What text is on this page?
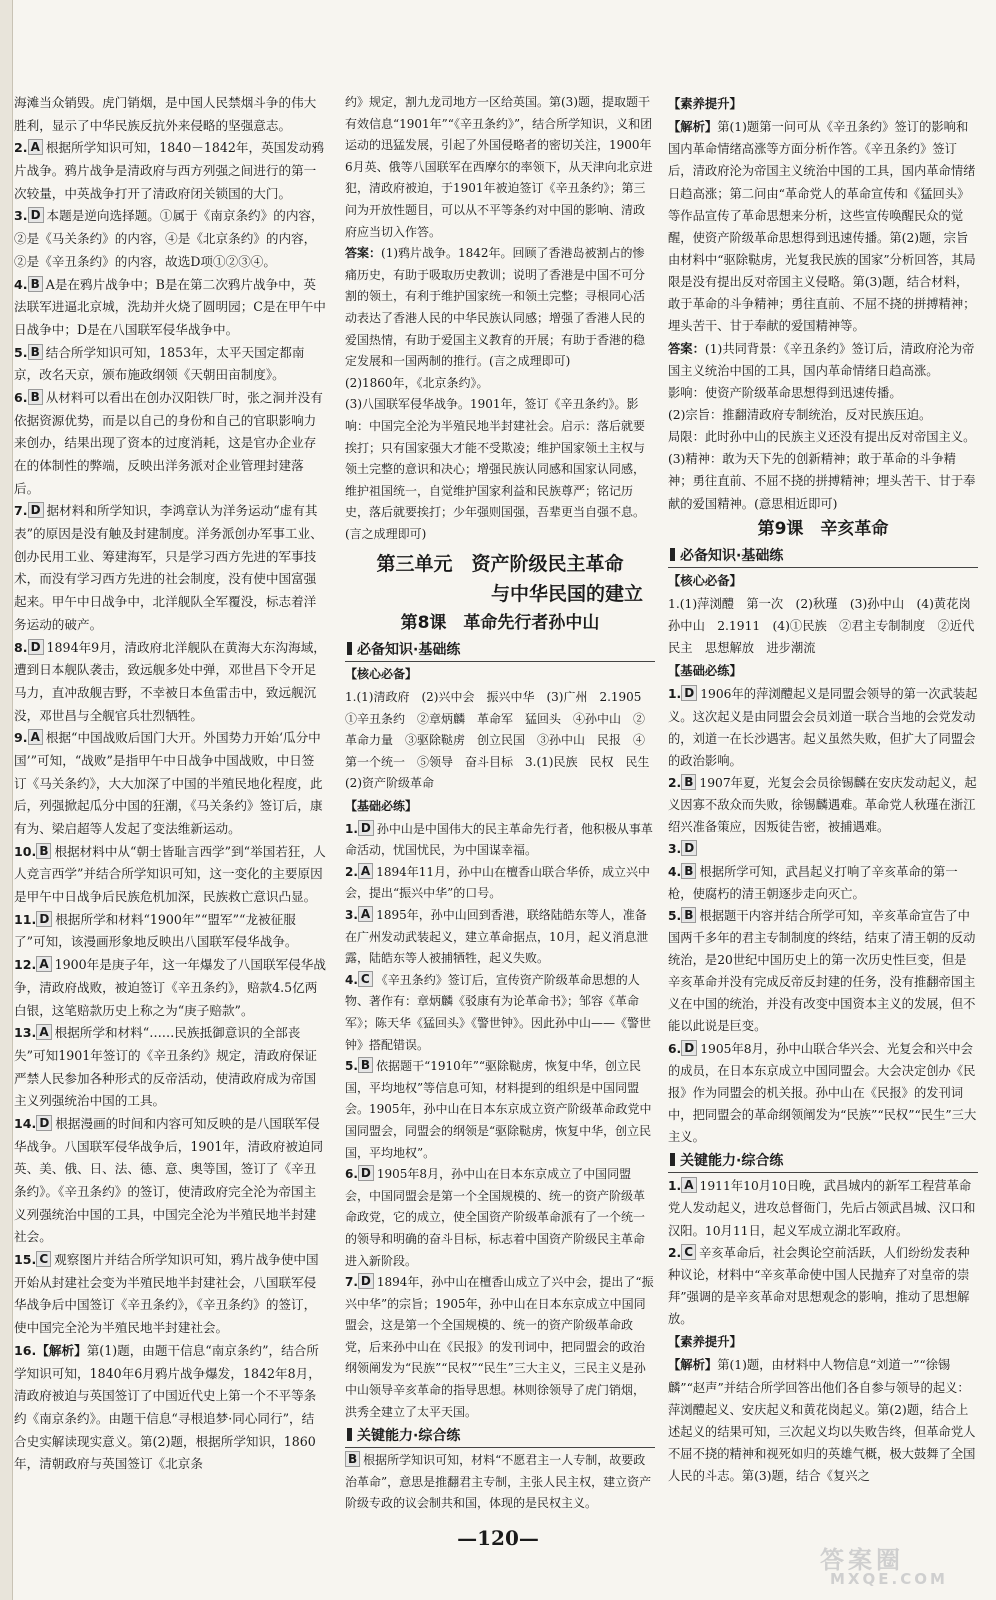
海滩当众销毁。虎门销烟，是中国人民禁烟斗争的伟大胜利，显示了中华民族反抗外来侵略的坚强意志。
2. A 根据所学知识可知，1840－1842年，英国发动鸦片战争。鸦片战争是清政府与西方列强之间进行的第一次较量，中英战争打开了清政府闭关锁国的大门。
3. D 本题是逆向选择题。①属于《南京条约》的内容，②是《马关条约》的内容，④是《北京条约》的内容，②是《辛丑条约》的内容，故选D项①②③④。
4. B A是在鸦片战争中；B是在第二次鸦片战争中，英法联军进逼北京城，洗劫并火烧了圆明园；C是在甲午中日战争中；D是在八国联军侵华战争中。
5. B 结合所学知识可知，1853年，太平天国定都南京，改名天京，颁布施政纲领《天朝田亩制度》。
6. B 从材料可以看出在创办汉阳铁厂时，张之洞并没有依据资源优势，而是以自己的身份和自己的官职影响力来创办，结果出现了资本的过度消耗，这是官办企业存在的体制性的弊端，反映出洋务派对企业管理封建落后。
7. D 据材料和所学知识，李鸿章认为洋务运动“虚有其表”的原因是没有触及封建制度。洋务派创办军事工业、创办民用工业、筹建海军，只是学习西方先进的军事技术，而没有学习西方先进的社会制度，没有使中国富强起来。甲午中日战争中，北洋舰队全军覆没，标志着洋务运动的破产。
8. D 1894年9月，清政府北洋舰队在黄海大东沟海域，遭到日本舰队袭击，致远舰多处中弹，邓世昌下令开足马力，直冲敌舰吉野，不幸被日本鱼雷击中，致远舰沉没，邓世昌与全舰官兵壮烈牺牲。
9. A 根据“中国战败后国门大开。外国势力开始‘瓜分中国’”可知，“战败”是指甲午中日战争中国战败，中日签订《马关条约》，大大加深了中国的半殖民地化程度，此后，列强掀起瓜分中国的狂潮，《马关条约》签订后，康有为、梁启超等人发起了变法维新运动。
10. B 根据材料中从“朝士皆耻言西学”到“举国若狂，人人竞言西学”并结合所学知识可知，这一变化的主要原因是甲午中日战争后民族危机加深，民族救亡意识凸显。
11. D 根据所学和材料“1900年”“盟军”“龙被征服了”可知，该漫画形象地反映出八国联军侵华战争。
12. A 1900年是庚子年，这一年爆发了八国联军侵华战争，清政府战败，被迫签订《辛丑条约》，赔款4.5亿两白银，这笔赔款历史上称之为“庚子赔款”。
13. A 根据所学和材料“……民族抵御意识的全部丧失”可知1901年签订的《辛丑条约》规定，清政府保证严禁人民参加各种形式的反帝活动，使清政府成为帝国主义列强统治中国的工具。
14. D 根据漫画的时间和内容可知反映的是八国联军侵华战争。八国联军侵华战争后，1901年，清政府被迫同英、美、俄、日、法、德、意、奥等国，签订了《辛丑条约》。《辛丑条约》的签订，使清政府完全沦为帝国主义列强统治中国的工具，中国完全沦为半殖民地半封建社会。
15. C 观察图片并结合所学知识可知，鸦片战争使中国开始从封建社会变为半殖民地半封建社会，八国联军侵华战争后中国签订《辛丑条约》，《辛丑条约》的签订，使中国完全沦为半殖民地半封建社会。
16.【解析】第(1)题，由题干信息“南京条约”，结合所学知识可知，1840年6月鸦片战争爆发，1842年8月，清政府被迫与英国签订了中国近代史上第一个不平等条约《南京条约》。由题干信息“寻根追梦·同心同行”，结合史实解读现实意义。第(2)题，根据所学知识，1860年，清朝政府与英国签订《北京条
约》规定，割九龙司地方一区给英国。第(3)题，提取题干有效信息“1901年”“《辛丑条约》”，结合所学知识，义和团运动的迅猛发展，引起了外国侵略者的密切关注，1900年6月英、俄等八国联军在西摩尔的率领下，从天津向北京进犯，清政府被迫，于1901年被迫签订《辛丑条约》；第三问为开放性题目，可以从不平等条约对中国的影响、清政府应当切入作答。
答案：(1)鸦片战争。1842年。回顾了香港岛被割占的惨痛历史，有助于吸取历史教训；说明了香港是中国不可分割的领土，有利于维护国家统一和领土完整；寻根同心活动表达了香港人民的中华民族认同感；增强了香港人民的爱国热情，有助于爱国主义教育的开展；有助于香港的稳定发展和一国两制的推行。(言之成理即可)
(2)1860年，《北京条约》。
(3)八国联军侵华战争。1901年，签订《辛丑条约》。影响：中国完全沦为半殖民地半封建社会。启示：落后就要挨打；只有国家强大才能不受欺凌；维护国家领土主权与领土完整的意识和决心；增强民族认同感和国家认同感，维护祖国统一，自觉维护国家利益和民族尊严；铭记历史，落后就要挨打；少年强则国强，吾辈更当自强不息。(言之成理即可)
第三单元　资产阶级民主革命
与中华民国的建立
第8课　革命先行者孙中山
必备知识·基础练
【核心必备】
1.(1)清政府　(2)兴中会　振兴中华　(3)广州　2.1905　①辛丑条约　②章炳麟　革命军　猛回头　④孙中山　②革命力量　③驱除鞑虏　创立民国　③孙中山　民报　④第一个统一　⑤领导　奋斗目标　3.(1)民族　民权　民生　(2)资产阶级革命
【基础必练】
1. D 孙中山是中国伟大的民主革命先行者，他积极从事革命活动，忧国忧民，为中国谋幸福。
2. A 1894年11月，孙中山在檀香山联合华侨，成立兴中会，提出“振兴中华”的口号。
3. A 1895年，孙中山回到香港，联络陆皓东等人，准备在广州发动武装起义，建立革命据点，10月，起义消息泄露，陆皓东等人被捕牺牲，起义失败。
4. C 《辛丑条约》签订后，宣传资产阶级革命思想的人物、著作有：章炳麟《驳康有为论革命书》；邹容《革命军》；陈天华《猛回头》《警世钟》。因此孙中山——《警世钟》搭配错误。
5. B 依据题干“1910年”“驱除鞑虏，恢复中华，创立民国，平均地权”等信息可知，材料提到的组织是中国同盟会。1905年，孙中山在日本东京成立资产阶级革命政党中国同盟会，同盟会的纲领是“驱除鞑虏，恢复中华，创立民国，平均地权”。
6. D 1905年8月，孙中山在日本东京成立了中国同盟会，中国同盟会是第一个全国规模的、统一的资产阶级革命政党，它的成立，使全国资产阶级革命派有了一个统一的领导和明确的奋斗目标，标志着中国资产阶级民主革命进入新阶段。
7. D 1894年，孙中山在檀香山成立了兴中会，提出了“振兴中华”的宗旨；1905年，孙中山在日本东京成立中国同盟会，这是第一个全国规模的、统一的资产阶级革命政党，后来孙中山在《民报》的发刊词中，把同盟会的政治纲领阐发为“民族”“民权”“民生”三大主义，三民主义是孙中山领导辛亥革命的指导思想。林则徐领导了虎门销烟，洪秀全建立了太平天国。
关键能力·综合练
B 根据所学知识可知，材料“不愿君主一人专制，故要政治革命”，意思是推翻君主专制，主张人民主权，建立资产阶级专政的议会制共和国，体现的是民权主义。
【素养提升】
【解析】第(1)题第一问可从《辛丑条约》签订的影响和国内革命情绪高涨等方面分析作答。《辛丑条约》签订后，清政府沦为帝国主义统治中国的工具，国内革命情绪日趋高涨；第二问由“革命党人的革命宣传和《猛回头》等作品宣传了革命思想来分析，这些宣传唤醒民众的觉醒，使资产阶级革命思想得到迅速传播。第(2)题，宗旨由材料中“驱除鞑虏，光复我民族的国家”分析回答，其局限是没有提出反对帝国主义侵略。第(3)题，结合材料，敢于革命的斗争精神；勇往直前、不屈不挠的拼搏精神；埋头苦干、甘于奉献的爱国精神等。
答案：(1)共同背景：《辛丑条约》签订后，清政府沦为帝国主义统治中国的工具，国内革命情绪日趋高涨。
影响：使资产阶级革命思想得到迅速传播。
(2)宗旨：推翻清政府专制统治，反对民族压迫。
局限：此时孙中山的民族主义还没有提出反对帝国主义。
(3)精神：敢为天下先的创新精神；敢于革命的斗争精神；勇往直前、不屈不挠的拼搏精神；埋头苦干、甘于奉献的爱国精神。(意思相近即可)
第9课　辛亥革命
必备知识·基础练
【核心必备】
1.(1)萍浏醴　第一次　(2)秋瑾　(3)孙中山　(4)黄花岗　孙中山　2.1911　(4)①民族　②君主专制制度　②近代民主　思想解放　进步潮流
【基础必练】
1. D 1906年的萍浏醴起义是同盟会领导的第一次武装起义。这次起义是由同盟会会员刘道一联合当地的会党发动的，刘道一在长沙遇害。起义虽然失败，但扩大了同盟会的政治影响。
2. B 1907年夏，光复会会员徐锡麟在安庆发动起义，起义因寡不敌众而失败，徐锡麟遇难。革命党人秋瑾在浙江绍兴准备策应，因叛徒告密，被捕遇难。
3. D
4. B 根据所学可知，武昌起义打响了辛亥革命的第一枪，使腐朽的清王朝逐步走向灭亡。
5. B 根据题干内容并结合所学可知，辛亥革命宣告了中国两千多年的君主专制制度的终结，结束了清王朝的反动统治，是20世纪中国历史上的第一次历史性巨变，但是辛亥革命并没有完成反帝反封建的任务，没有推翻帝国主义在中国的统治，并没有改变中国资本主义的发展，但不能以此说是巨变。
6. D 1905年8月，孙中山联合华兴会、光复会和兴中会的成员，在日本东京成立中国同盟会。大会决定创办《民报》作为同盟会的机关报。孙中山在《民报》的发刊词中，把同盟会的革命纲领阐发为“民族”“民权”“民生”三大主义。
关键能力·综合练
1. A 1911年10月10日晚，武昌城内的新军工程营革命党人发动起义，进攻总督衙门，先后占领武昌城、汉口和汉阳。10月11日，起义军成立湖北军政府。
2. C 辛亥革命后，社会舆论空前活跃，人们纷纷发表种种议论，材料中“辛亥革命使中国人民抛弃了对皇帝的崇拜”强调的是辛亥革命对思想观念的影响，推动了思想解放。
【素养提升】
【解析】第(1)题，由材料中人物信息“刘道一”“徐锡麟”“赵声”并结合所学回答出他们各自参与领导的起义：萍浏醴起义、安庆起义和黄花岗起义。第(2)题，结合上述起义的结果可知，三次起义均以失败告终，但革命党人不屈不挠的精神和视死如归的英雄气概，极大鼓舞了全国人民的斗志。第(3)题，结合《复兴之
—120—
答案圈
MXQE.COM
